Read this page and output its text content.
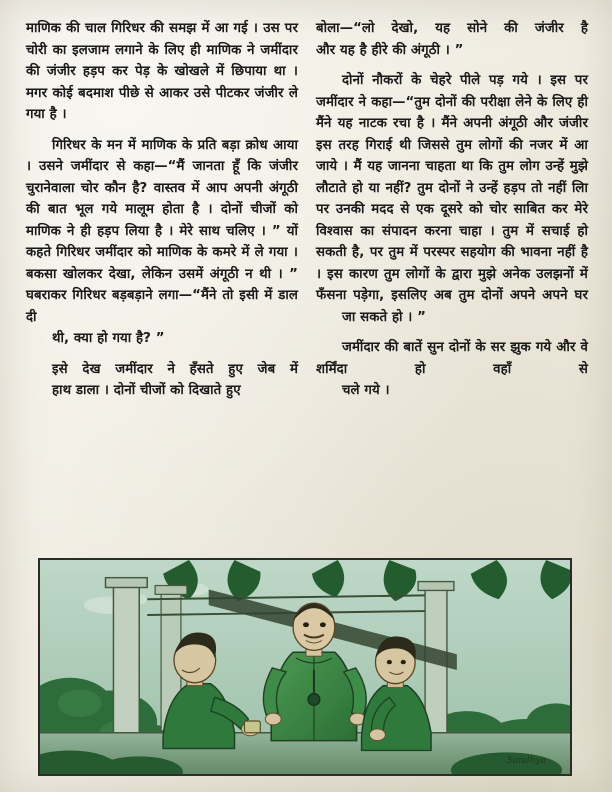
माणिक की चाल गिरिधर की समझ में आ गई । उस पर चोरी का इलजाम लगाने के लिए ही माणिक ने जमींदार की जंजीर हड़प कर पेड़ के खोखले में छिपाया था । मगर कोई बदमाश पीछे से आकर उसे पीटकर जंजीर ले
गया है ।

गिरिधर के मन में माणिक के प्रति बड़ा क्रोध आया । उसने जमींदार से कहा—“मैं जानता हूँ कि जंजीर चुरानेवाला चोर कौन है? वास्तव में आप अपनी अंगूठी की बात भूल गये मालूम होता है । दोनों चीजों को माणिक ने ही हड़प लिया है । मेरे साथ चलिए । ” यों कहते गिरिधर जमींदार को माणिक के कमरे में ले गया । बकसा खोलकर देखा, लेकिन उसमें अंगूठी न थी । ” घबराकर गिरिधर बड़बड़ाने लगा—“मैंने तो इसी में डाल दी
थी, क्या हो गया है? ”

इसे देख जमींदार ने हँसते हुए जेब में
हाथ डाला । दोनों चीजों को दिखाते हुए

बोला—“लो देखो, यह सोने की जंजीर है
और यह है हीरे की अंगूठी । ”

दोनों नौकरों के चेहरे पीले पड़ गये । इस पर जमींदार ने कहा—“तुम दोनों की परीक्षा लेने के लिए ही मैंने यह नाटक रचा है । मैंने अपनी अंगूठी और जंजीर इस तरह गिराई थी जिससे तुम लोगों की नजर में आ जाये । मैं यह जानना चाहता था कि तुम लोग उन्हें मुझे लौटाते हो या नहीं? तुम दोनों ने उन्हें हड़प तो नहीं लिा पर उनकी मदद से एक दूसरे को चोर साबित कर मेरे विश्वास का संपादन करना चाहा । तुम में सचाई हो सकती है, पर तुम में परस्पर सहयोग की भावना नहीं है । इस कारण तुम लोगों के द्वारा मुझे अनेक उलझनों में फँसना पड़ेगा, इसलिए अब तुम दोनों अपने अपने घर
जा सकते हो । ”

जमींदार की बातें सुन दोनों के सर झुक गये और वे शर्मिंदा हो वहाँ से
चले गये ।

Sandhya
